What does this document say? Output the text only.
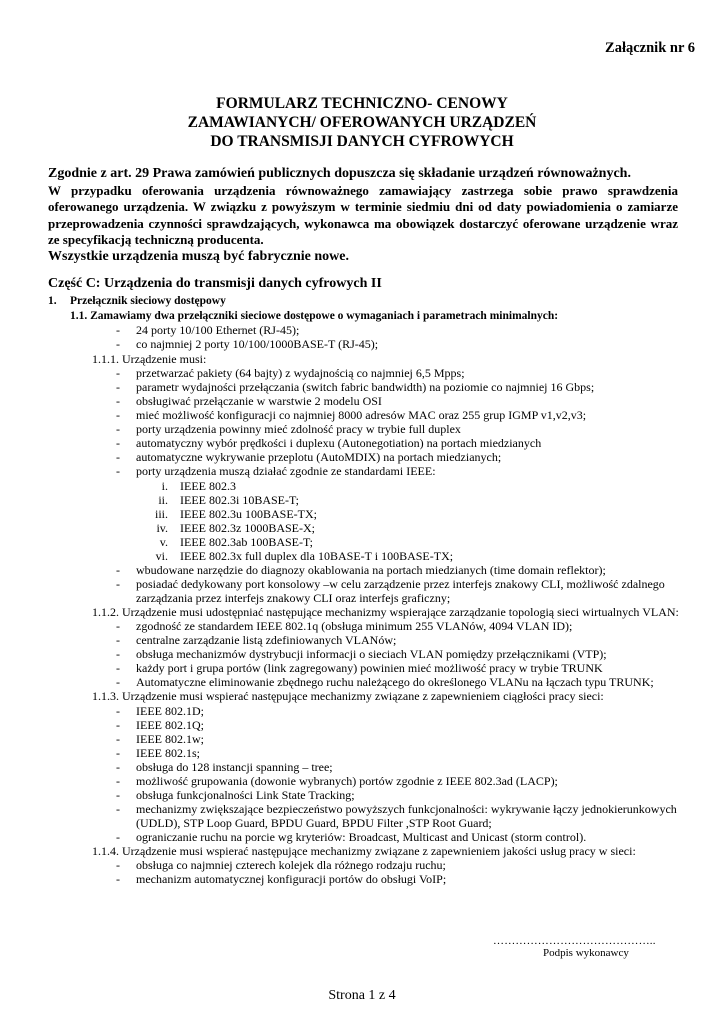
Załącznik nr 6
FORMULARZ TECHNICZNO- CENOWY
ZAMAWIANYCH/ OFEROWANYCH URZĄDZEŃ
DO TRANSMISJI DANYCH CYFROWYCH
Zgodnie z art. 29 Prawa zamówień publicznych dopuszcza się składanie urządzeń równoważnych.
W przypadku oferowania urządzenia równoważnego zamawiający zastrzega sobie prawo sprawdzenia oferowanego urządzenia. W związku z powyższym w terminie siedmiu dni od daty powiadomienia o zamiarze przeprowadzenia czynności sprawdzających, wykonawca ma obowiązek dostarczyć oferowane urządzenie wraz ze specyfikacją techniczną producenta.
Wszystkie urządzenia muszą być fabrycznie nowe.
Część C: Urządzenia do transmisji danych cyfrowych II
1. Przełącznik sieciowy dostępowy
1.1. Zamawiamy dwa przełączniki sieciowe dostępowe o wymaganiach i parametrach minimalnych:
- 24 porty 10/100 Ethernet (RJ-45);
- co najmniej 2 porty 10/100/1000BASE-T (RJ-45);
1.1.1. Urządzenie musi:
- przetwarzać pakiety (64 bajty) z wydajnością co najmniej 6,5 Mpps;
- parametr wydajności przełączania (switch fabric bandwidth) na poziomie co najmniej 16 Gbps;
- obsługiwać przełączanie w warstwie 2 modelu OSI
- mieć możliwość konfiguracji co najmniej 8000 adresów MAC oraz 255 grup IGMP v1,v2,v3;
- porty urządzenia powinny mieć zdolność pracy w trybie full duplex
- automatyczny wybór prędkości i duplexu (Autonegotiation) na portach miedzianych
- automatyczne wykrywanie przeplotu (AutoMDIX) na portach miedzianych;
- porty urządzenia muszą działać zgodnie ze standardami IEEE:
i. IEEE 802.3
ii. IEEE 802.3i 10BASE-T;
iii. IEEE 802.3u 100BASE-TX;
iv. IEEE 802.3z 1000BASE-X;
v. IEEE 802.3ab 100BASE-T;
vi. IEEE 802.3x full duplex dla 10BASE-T i 100BASE-TX;
- wbudowane narzędzie do diagnozy okablowania na portach miedzianych (time domain reflektor);
- posiadać dedykowany port konsolowy –w celu zarządzenie przez interfejs znakowy CLI, możliwość zdalnego
zarządzania przez interfejs znakowy CLI oraz interfejs graficzny;
1.1.2. Urządzenie musi udostępniać następujące mechanizmy wspierające zarządzanie topologią sieci wirtualnych VLAN:
- zgodność ze standardem IEEE 802.1q (obsługa minimum 255 VLANów, 4094 VLAN ID);
- centralne zarządzanie listą zdefiniowanych VLANów;
- obsługa mechanizmów dystrybucji informacji o sieciach VLAN pomiędzy przełącznikami (VTP);
- każdy port i grupa portów (link zagregowany) powinien mieć możliwość pracy w trybie TRUNK
- Automatyczne eliminowanie zbędnego ruchu należącego do określonego VLANu na łączach typu TRUNK;
1.1.3. Urządzenie musi wspierać następujące mechanizmy związane z zapewnieniem ciągłości pracy sieci:
- IEEE 802.1D;
- IEEE 802.1Q;
- IEEE 802.1w;
- IEEE 802.1s;
- obsługa do 128 instancji spanning – tree;
- możliwość grupowania (dowonie wybranych) portów zgodnie z IEEE 802.3ad (LACP);
- obsługa funkcjonalności Link State Tracking;
- mechanizmy zwiększające bezpieczeństwo powyższych funkcjonalności: wykrywanie łączy jednokierunkowych
(UDLD), STP Loop Guard, BPDU Guard, BPDU Filter ,STP Root Guard;
- ograniczanie ruchu na porcie wg kryteriów: Broadcast, Multicast and Unicast (storm control).
1.1.4. Urządzenie musi wspierać następujące mechanizmy związane z zapewnieniem jakości usług pracy w sieci:
- obsługa co najmniej czterech kolejek dla różnego rodzaju ruchu;
- mechanizm automatycznej konfiguracji portów do obsługi VoIP;
……………………………………..
Podpis wykonawcy
Strona 1 z 4
